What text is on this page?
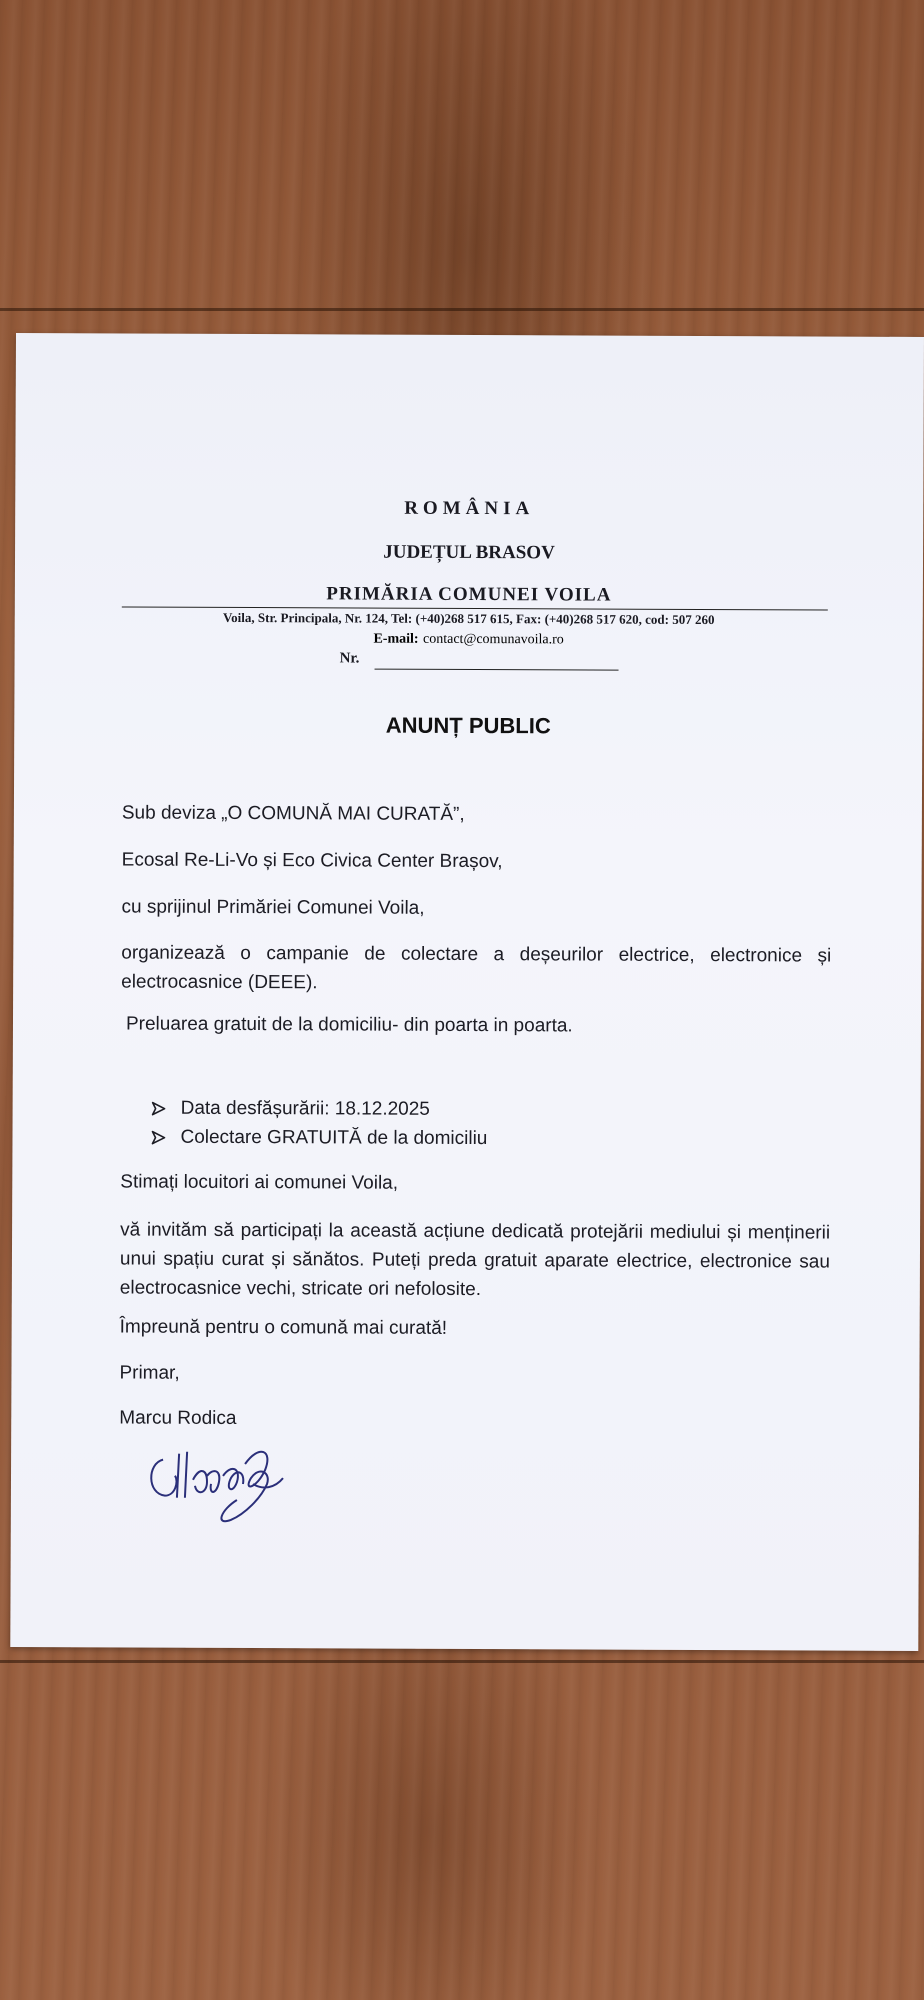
ROMÂNIA
JUDEȚUL BRASOV
PRIMĂRIA COMUNEI VOILA
Voila, Str. Principala, Nr. 124, Tel: (+40)268 517 615, Fax: (+40)268 517 620, cod: 507 260
E-mail: contact@comunavoila.ro
Nr.
ANUNȚ PUBLIC
Sub deviza „O COMUNĂ MAI CURATĂ”,
Ecosal Re-Li-Vo și Eco Civica Center Brașov,
cu sprijinul Primăriei Comunei Voila,
organizează o campanie de colectare a deșeurilor electrice, electronice și electrocasnice (DEEE).
Preluarea gratuit de la domiciliu- din poarta in poarta.
Data desfășurării: 18.12.2025
Colectare GRATUITĂ de la domiciliu
Stimați locuitori ai comunei Voila,
vă invităm să participați la această acțiune dedicată protejării mediului și menținerii unui spațiu curat și sănătos. Puteți preda gratuit aparate electrice, electronice sau electrocasnice vechi, stricate ori nefolosite.
Împreună pentru o comună mai curată!
Primar,
Marcu Rodica
